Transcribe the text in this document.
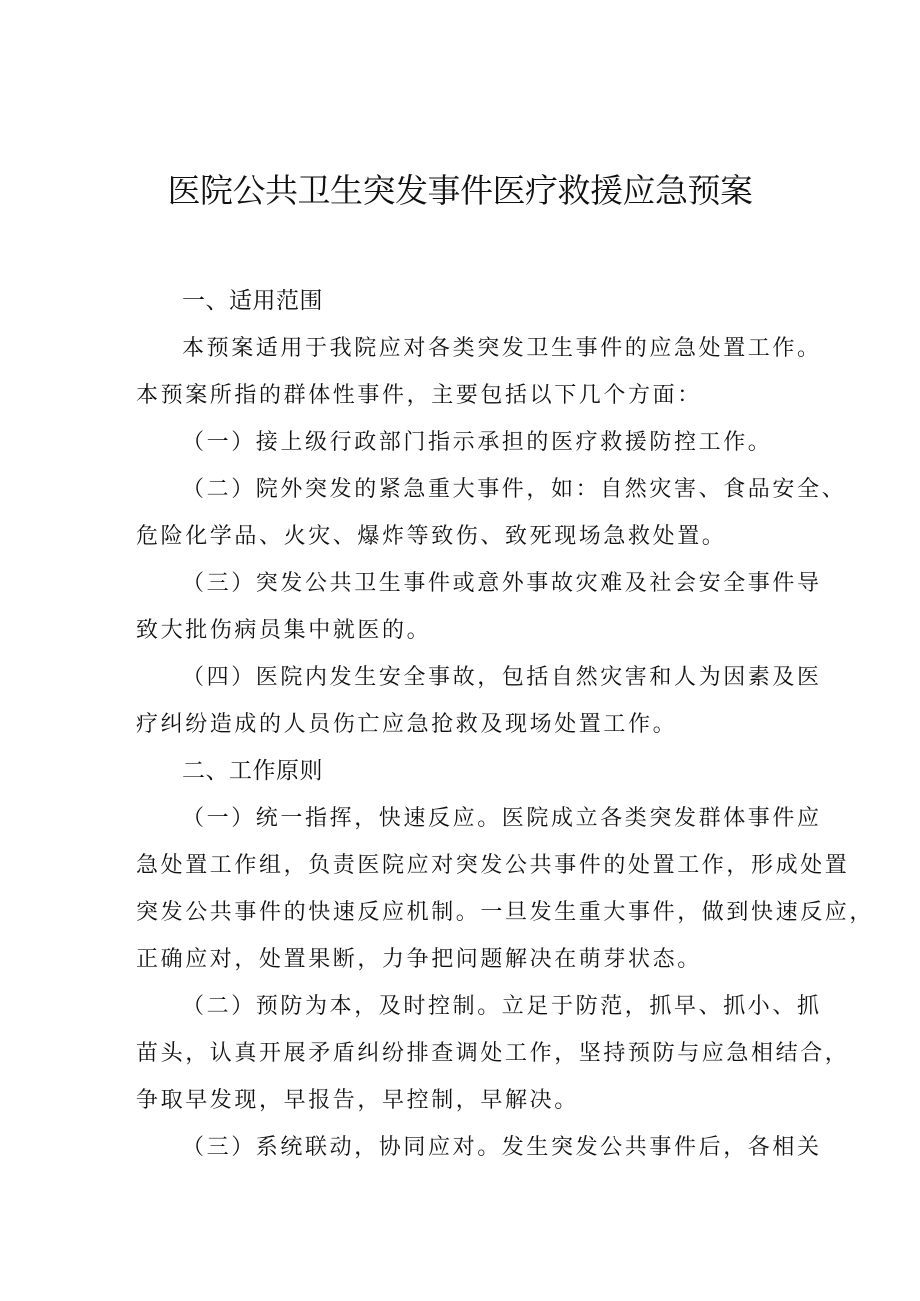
医院公共卫生突发事件医疗救援应急预案
一、适用范围
本预案适用于我院应对各类突发卫生事件的应急处置工作。
本预案所指的群体性事件，主要包括以下几个方面：
（一）接上级行政部门指示承担的医疗救援防控工作。
（二）院外突发的紧急重大事件，如：自然灾害、食品安全、
危险化学品、火灾、爆炸等致伤、致死现场急救处置。
（三）突发公共卫生事件或意外事故灾难及社会安全事件导
致大批伤病员集中就医的。
（四）医院内发生安全事故，包括自然灾害和人为因素及医
疗纠纷造成的人员伤亡应急抢救及现场处置工作。
二、工作原则
（一）统一指挥，快速反应。医院成立各类突发群体事件应
急处置工作组，负责医院应对突发公共事件的处置工作，形成处置
突发公共事件的快速反应机制。一旦发生重大事件，做到快速反应，
正确应对，处置果断，力争把问题解决在萌芽状态。
（二）预防为本，及时控制。立足于防范，抓早、抓小、抓
苗头，认真开展矛盾纠纷排查调处工作，坚持预防与应急相结合，
争取早发现，早报告，早控制，早解决。
（三）系统联动，协同应对。发生突发公共事件后，各相关
